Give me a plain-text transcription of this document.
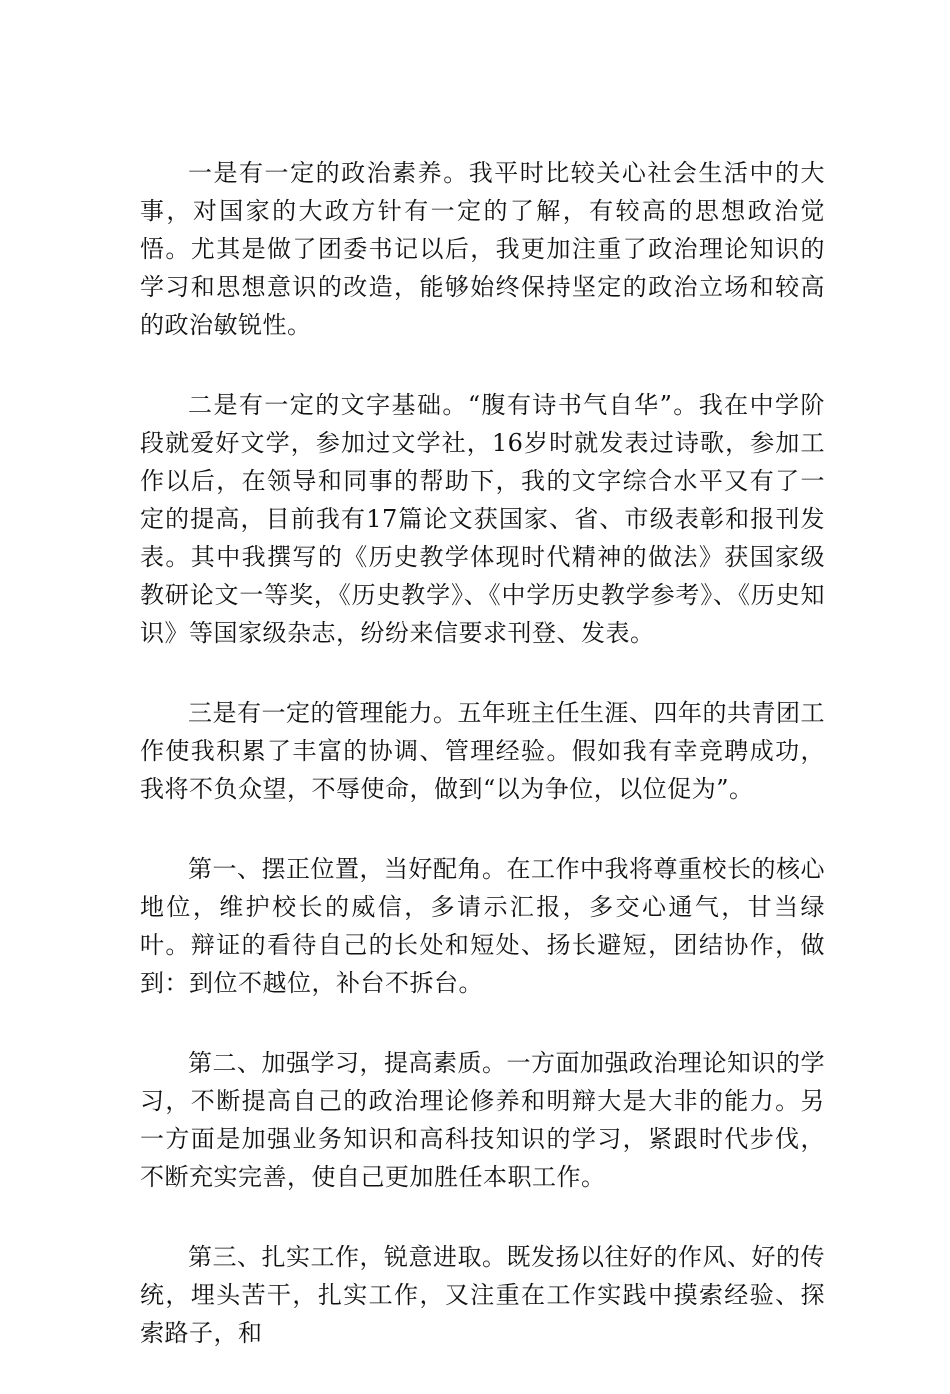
一是有一定的政治素养。我平时比较关心社会生活中的大事，对国家的大政方针有一定的了解，有较高的思想政治觉悟。尤其是做了团委书记以后，我更加注重了政治理论知识的学习和思想意识的改造，能够始终保持坚定的政治立场和较高的政治敏锐性。

二是有一定的文字基础。“腹有诗书气自华”。我在中学阶段就爱好文学，参加过文学社，16岁时就发表过诗歌，参加工作以后，在领导和同事的帮助下，我的文字综合水平又有了一定的提高，目前我有17篇论文获国家、省、市级表彰和报刊发表。其中我撰写的《历史教学体现时代精神的做法》获国家级教研论文一等奖，《历史教学》、《中学历史教学参考》、《历史知识》等国家级杂志，纷纷来信要求刊登、发表。

三是有一定的管理能力。五年班主任生涯、四年的共青团工作使我积累了丰富的协调、管理经验。假如我有幸竞聘成功，我将不负众望，不辱使命，做到“以为争位，以位促为”。

第一、摆正位置，当好配角。在工作中我将尊重校长的核心地位，维护校长的威信，多请示汇报，多交心通气，甘当绿叶。辩证的看待自己的长处和短处、扬长避短，团结协作，做到：到位不越位，补台不拆台。

第二、加强学习，提高素质。一方面加强政治理论知识的学习，不断提高自己的政治理论修养和明辩大是大非的能力。另一方面是加强业务知识和高科技知识的学习，紧跟时代步伐，不断充实完善，使自己更加胜任本职工作。

第三、扎实工作，锐意进取。既发扬以往好的作风、好的传统，埋头苦干，扎实工作，又注重在工作实践中摸索经验、探索路子，和
